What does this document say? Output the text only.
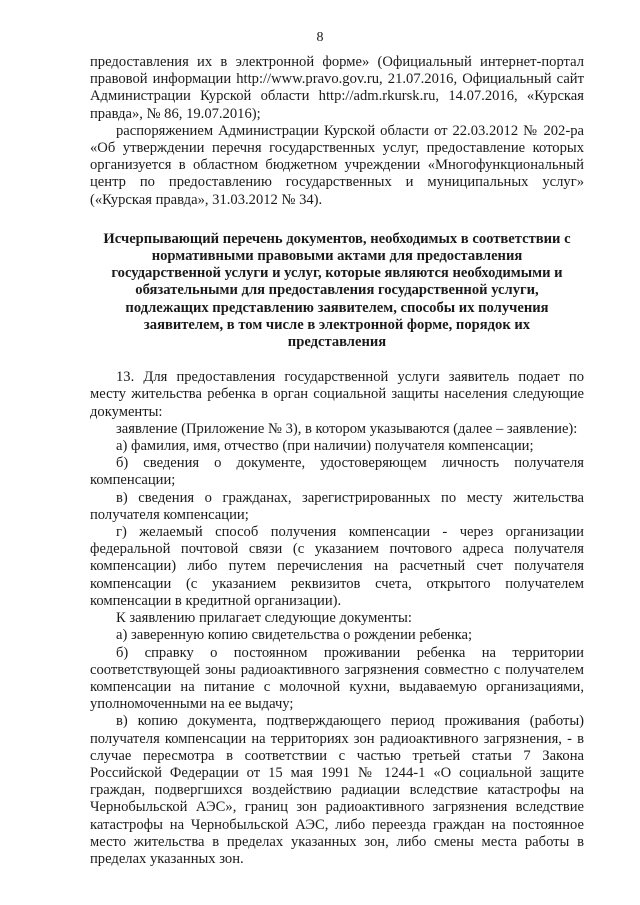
8

предоставления их в электронной форме» (Официальный интернет-портал правовой информации http://www.pravo.gov.ru, 21.07.2016, Официальный сайт Администрации Курской области http://adm.rkursk.ru, 14.07.2016, «Курская правда», № 86, 19.07.2016);

распоряжением Администрации Курской области от 22.03.2012 № 202-ра «Об утверждении перечня государственных услуг, предоставление которых организуется в областном бюджетном учреждении «Многофункциональный центр по предоставлению государственных и муниципальных услуг» («Курская правда», 31.03.2012 № 34).

Исчерпывающий перечень документов, необходимых в соответствии с нормативными правовыми актами для предоставления государственной услуги и услуг, которые являются необходимыми и обязательными для предоставления государственной услуги, подлежащих представлению заявителем, способы их получения заявителем, в том числе в электронной форме, порядок их представления

13. Для предоставления государственной услуги заявитель подает по месту жительства ребенка в орган социальной защиты населения следующие документы:

заявление (Приложение № 3), в котором указываются (далее – заявление):

а) фамилия, имя, отчество (при наличии) получателя компенсации;

б) сведения о документе, удостоверяющем личность получателя компенсации;

в) сведения о гражданах, зарегистрированных по месту жительства получателя компенсации;

г) желаемый способ получения компенсации - через организации федеральной почтовой связи (с указанием почтового адреса получателя компенсации) либо путем перечисления на расчетный счет получателя компенсации (с указанием реквизитов счета, открытого получателем компенсации в кредитной организации).

К заявлению прилагает следующие документы:

а) заверенную копию свидетельства о рождении ребенка;

б) справку о постоянном проживании ребенка на территории соответствующей зоны радиоактивного загрязнения совместно с получателем компенсации на питание с молочной кухни, выдаваемую организациями, уполномоченными на ее выдачу;

в) копию документа, подтверждающего период проживания (работы) получателя компенсации на территориях зон радиоактивного загрязнения, - в случае пересмотра в соответствии с частью третьей статьи 7 Закона Российской Федерации от 15 мая 1991 № 1244-1 «О социальной защите граждан, подвергшихся воздействию радиации вследствие катастрофы на Чернобыльской АЭС», границ зон радиоактивного загрязнения вследствие катастрофы на Чернобыльской АЭС, либо переезда граждан на постоянное место жительства в пределах указанных зон, либо смены места работы в пределах указанных зон.
